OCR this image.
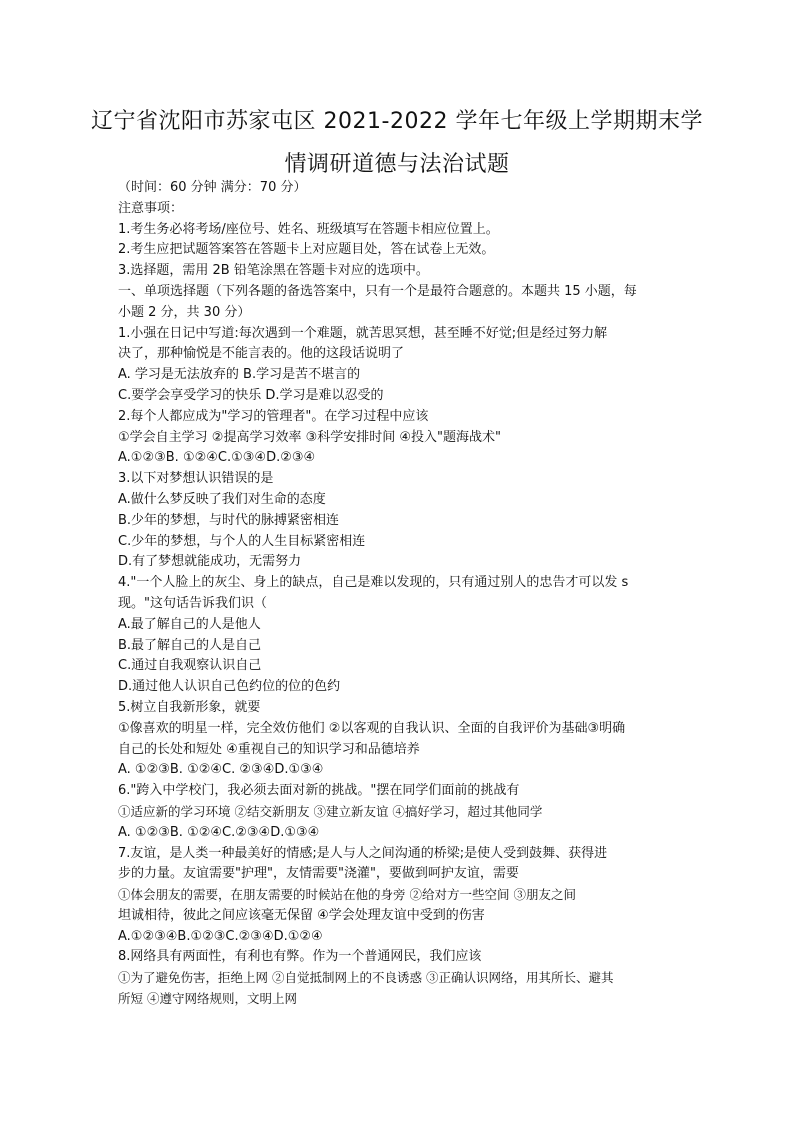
辽宁省沈阳市苏家屯区 2021-2022 学年七年级上学期期末学
情调研道德与法治试题
（时间：60 分钟 满分：70 分）
注意事项：
1.考生务必将考场/座位号、姓名、班级填写在答题卡相应位置上。
2.考生应把试题答案答在答题卡上对应题目处，答在试卷上无效。
3.选择题，需用 2B 铅笔涂黑在答题卡对应的选项中。
一、单项选择题（下列各题的备选答案中，只有一个是最符合题意的。本题共 15 小题，每
小题 2 分，共 30 分）
1.小强在日记中写道:每次遇到一个难题，就苦思冥想，甚至睡不好觉;但是经过努力解
决了，那种愉悦是不能言表的。他的这段话说明了
A. 学习是无法放弃的 B.学习是苦不堪言的
C.要学会享受学习的快乐 D.学习是难以忍受的
2.每个人都应成为"学习的管理者"。在学习过程中应该
①学会自主学习 ②提高学习效率 ③科学安排时间 ④投入"题海战术"
A.①②③B. ①②④C.①③④D.②③④
3.以下对梦想认识错误的是
A.做什么梦反映了我们对生命的态度
B.少年的梦想，与时代的脉搏紧密相连
C.少年的梦想，与个人的人生目标紧密相连
D.有了梦想就能成功，无需努力
4."一个人脸上的灰尘、身上的缺点，自己是难以发现的，只有通过别人的忠告才可以发 s
现。"这句话告诉我们识（
A.最了解自己的人是他人
B.最了解自己的人是自己
C.通过自我观察认识自己
D.通过他人认识自己色约位的位的色约
5.树立自我新形象，就要
①像喜欢的明星一样，完全效仿他们 ②以客观的自我认识、全面的自我评价为基础③明确
自己的长处和短处 ④重视自己的知识学习和品德培养
A. ①②③B. ①②④C. ②③④D.①③④
6."跨入中学校门，我必须去面对新的挑战。"摆在同学们面前的挑战有
①适应新的学习环境 ②结交新朋友 ③建立新友谊 ④搞好学习，超过其他同学
A. ①②③B. ①②④C.②③④D.①③④
7.友谊，是人类一种最美好的情感;是人与人之间沟通的桥梁;是使人受到鼓舞、获得进
步的力量。友谊需要"护理"，友情需要"浇灌"，要做到呵护友谊，需要
①体会朋友的需要，在朋友需要的时候站在他的身旁 ②给对方一些空间 ③朋友之间
坦诚相待，彼此之间应该毫无保留 ④学会处理友谊中受到的伤害
A.①②③④B.①②③C.②③④D.①②④
8.网络具有两面性，有利也有弊。作为一个普通网民，我们应该
①为了避免伤害，拒绝上网 ②自觉抵制网上的不良诱惑 ③正确认识网络，用其所长、避其
所短 ④遵守网络规则，文明上网
